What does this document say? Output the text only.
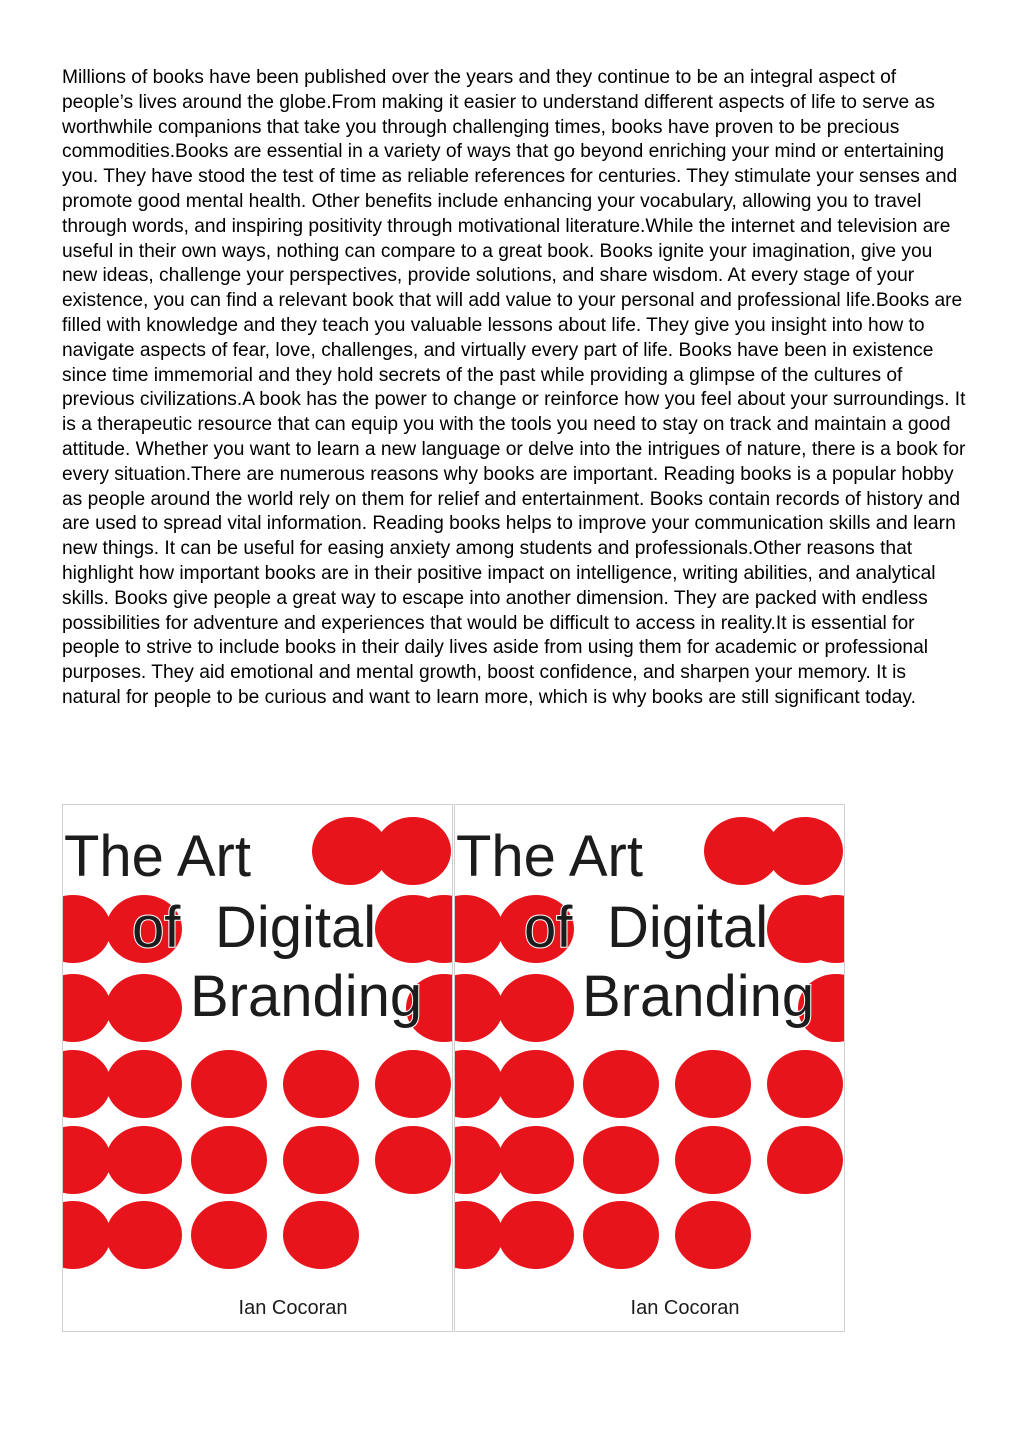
Millions of books have been published over the years and they continue to be an integral aspect of people’s lives around the globe.From making it easier to understand different aspects of life to serve as worthwhile companions that take you through challenging times, books have proven to be precious commodities.Books are essential in a variety of ways that go beyond enriching your mind or entertaining you. They have stood the test of time as reliable references for centuries. They stimulate your senses and promote good mental health. Other benefits include enhancing your vocabulary, allowing you to travel through words, and inspiring positivity through motivational literature.While the internet and television are useful in their own ways, nothing can compare to a great book. Books ignite your imagination, give you new ideas, challenge your perspectives, provide solutions, and share wisdom. At every stage of your existence, you can find a relevant book that will add value to your personal and professional life.Books are filled with knowledge and they teach you valuable lessons about life. They give you insight into how to navigate aspects of fear, love, challenges, and virtually every part of life. Books have been in existence since time immemorial and they hold secrets of the past while providing a glimpse of the cultures of previous civilizations.A book has the power to change or reinforce how you feel about your surroundings. It is a therapeutic resource that can equip you with the tools you need to stay on track and maintain a good attitude. Whether you want to learn a new language or delve into the intrigues of nature, there is a book for every situation.There are numerous reasons why books are important. Reading books is a popular hobby as people around the world rely on them for relief and entertainment. Books contain records of history and are used to spread vital information. Reading books helps to improve your communication skills and learn new things. It can be useful for easing anxiety among students and professionals.Other reasons that highlight how important books are in their positive impact on intelligence, writing abilities, and analytical skills. Books give people a great way to escape into another dimension. They are packed with endless possibilities for adventure and experiences that would be difficult to access in reality.It is essential for people to strive to include books in their daily lives aside from using them for academic or professional purposes. They aid emotional and mental growth, boost confidence, and sharpen your memory. It is natural for people to be curious and want to learn more, which is why books are still significant today.

The Art
of Digital
Branding
Ian Cocoran
The Art
of Digital
Branding
Ian Cocoran
